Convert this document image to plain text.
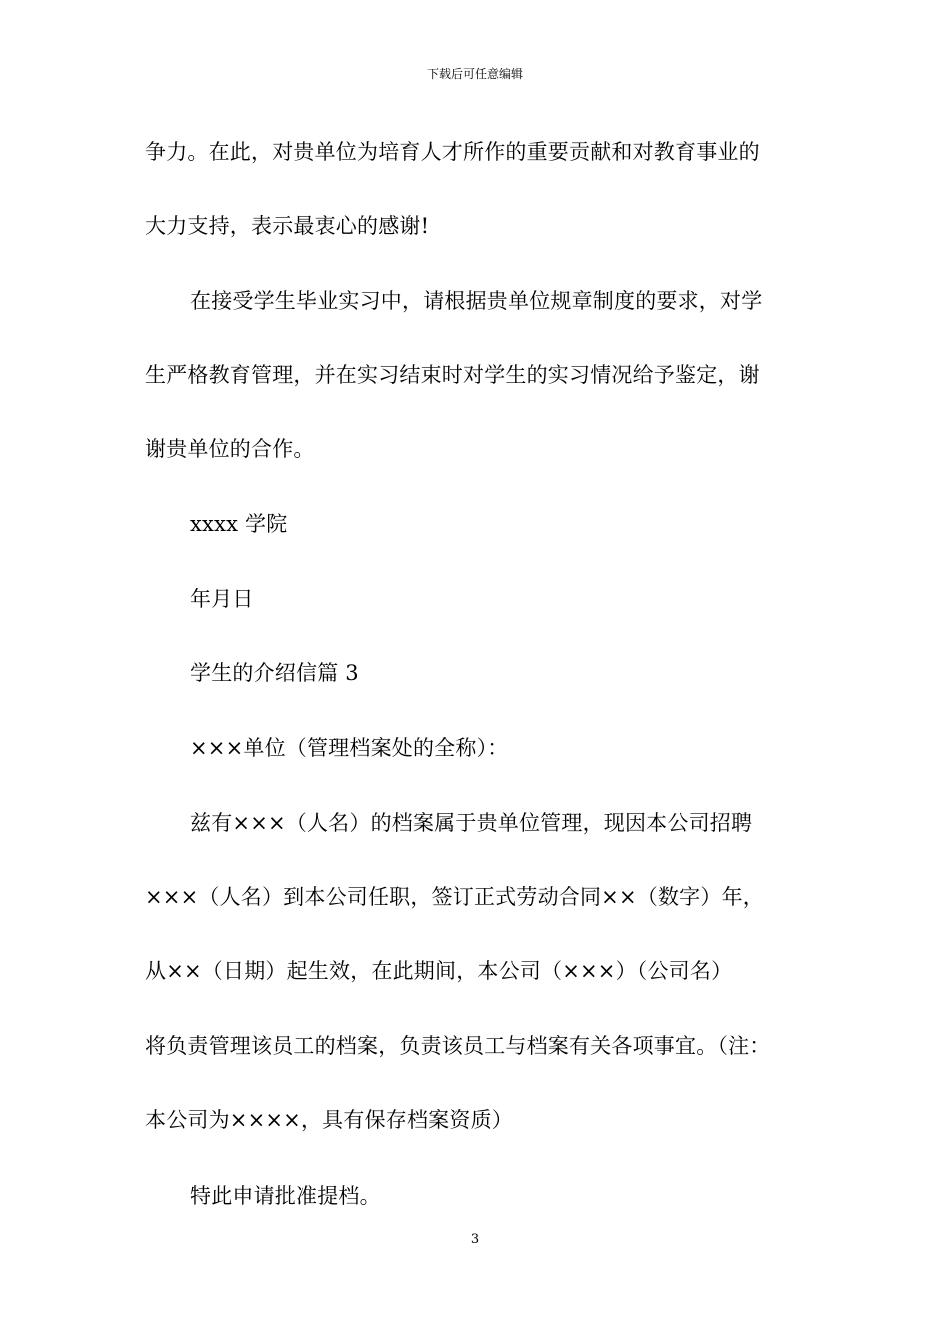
下载后可任意编辑
争力。在此，对贵单位为培育人才所作的重要贡献和对教育事业的
大力支持，表示最衷心的感谢!
在接受学生毕业实习中，请根据贵单位规章制度的要求，对学
生严格教育管理，并在实习结束时对学生的实习情况给予鉴定，谢
谢贵单位的合作。
xxxx 学院
年月日
学生的介绍信篇 3
×××单位（管理档案处的全称）：
兹有×××（人名）的档案属于贵单位管理，现因本公司招聘
×××（人名）到本公司任职，签订正式劳动合同××（数字）年，
从××（日期）起生效，在此期间，本公司（×××）（公司名）
将负责管理该员工的档案，负责该员工与档案有关各项事宜。（注：
本公司为××××，具有保存档案资质）
特此申请批准提档。
3
